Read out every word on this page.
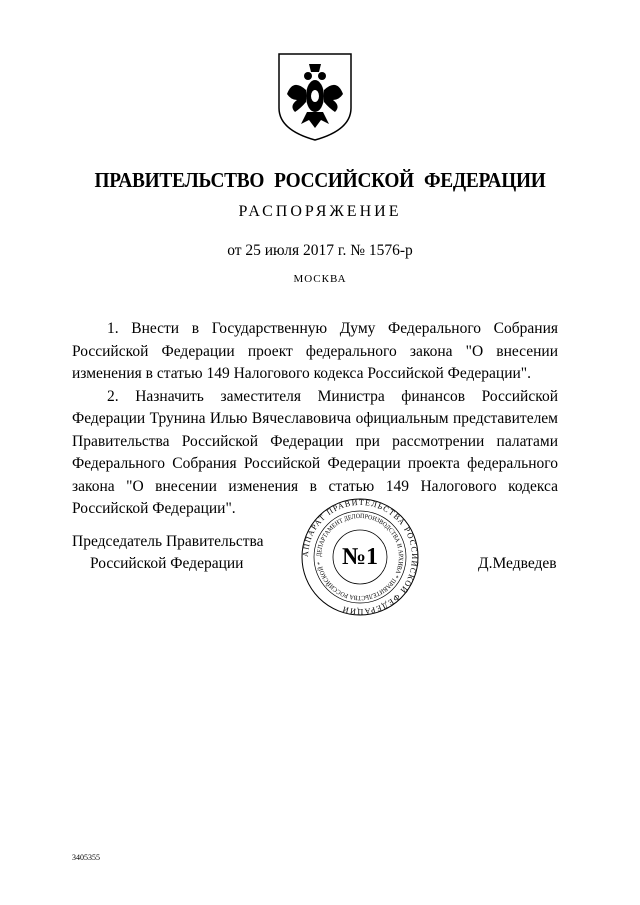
ПРАВИТЕЛЬСТВО РОССИЙСКОЙ ФЕДЕРАЦИИ
РАСПОРЯЖЕНИЕ
от 25 июля 2017 г. № 1576-р
МОСКВА

1. Внести в Государственную Думу Федерального Собрания Российской Федерации проект федерального закона "О внесении изменения в статью 149 Налогового кодекса Российской Федерации".

2. Назначить заместителя Министра финансов Российской Федерации Трунина Илью Вячеславовича официальным представителем Правительства Российской Федерации при рассмотрении палатами Федерального Собрания Российской Федерации проекта федерального закона "О внесении изменения в статью 149 Налогового кодекса Российской Федерации".

Председатель Правительства
Российской Федерации	Д.Медведев
АППАРАТ ПРАВИТЕЛЬСТВА РОССИЙСКОЙ ФЕДЕРАЦИИ
ДЕПАРТАМЕНТ ДЕЛОПРОИЗВОДСТВА И АРХИВА * ПРАВИТЕЛЬСТВА РОССИЙСКОЙ * №1
3405355
